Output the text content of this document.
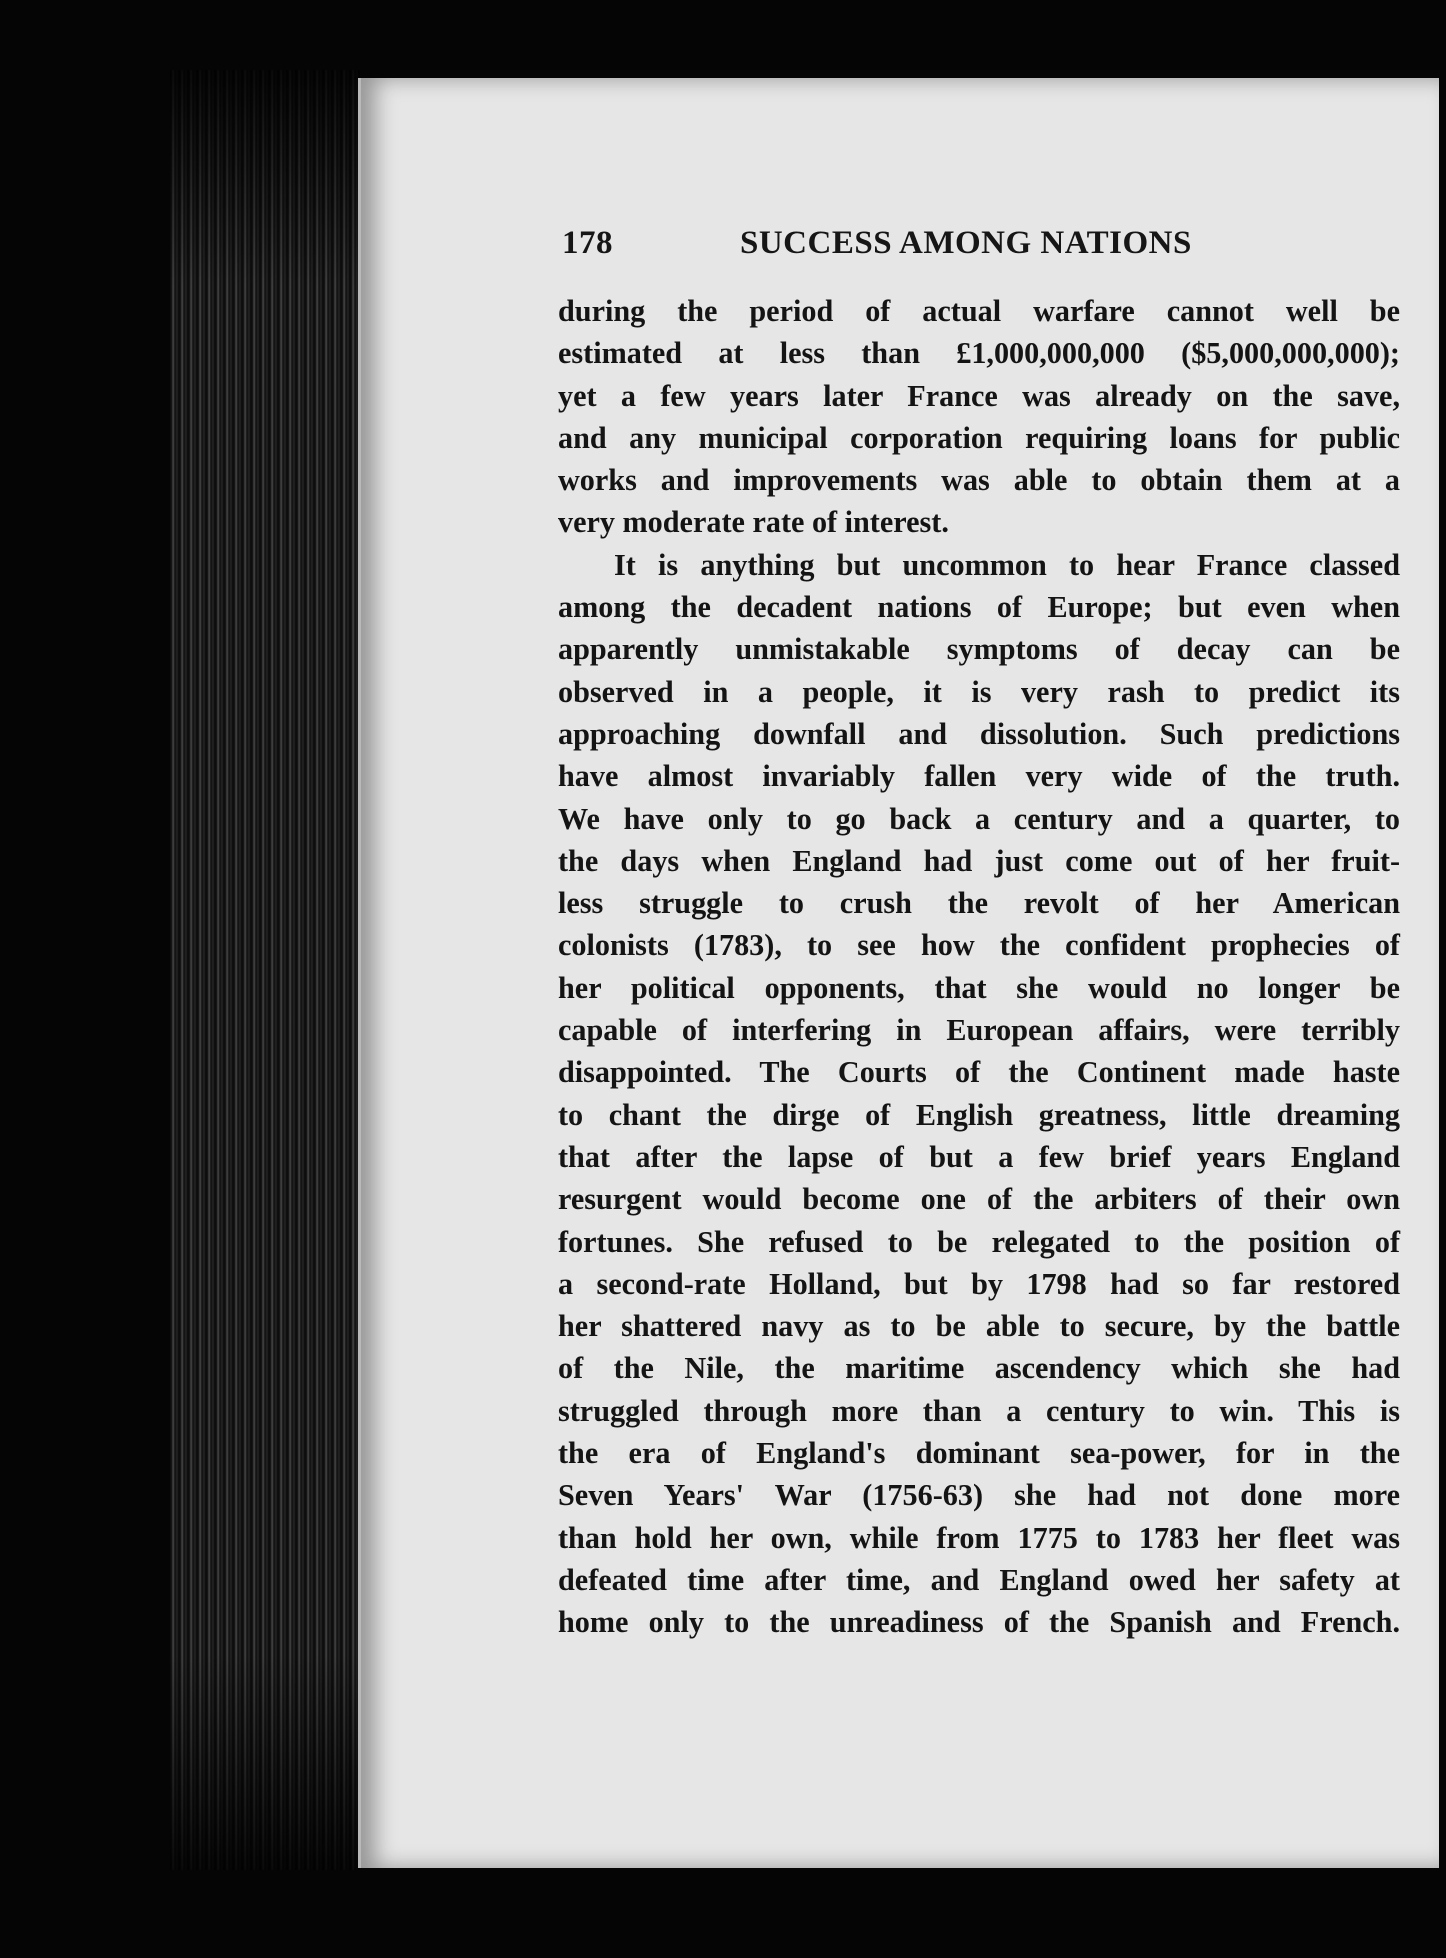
178	SUCCESS AMONG NATIONS
during the period of actual warfare cannot well be
estimated at less than £1,000,000,000 ($5,000,000,000);
yet a few years later France was already on the save,
and any municipal corporation requiring loans for public
works and improvements was able to obtain them at a
very moderate rate of interest.
It is anything but uncommon to hear France classed
among the decadent nations of Europe; but even when
apparently unmistakable symptoms of decay can be
observed in a people, it is very rash to predict its
approaching downfall and dissolution. Such predictions
have almost invariably fallen very wide of the truth.
We have only to go back a century and a quarter, to
the days when England had just come out of her fruit-
less struggle to crush the revolt of her American
colonists (1783), to see how the confident prophecies of
her political opponents, that she would no longer be
capable of interfering in European affairs, were terribly
disappointed. The Courts of the Continent made haste
to chant the dirge of English greatness, little dreaming
that after the lapse of but a few brief years England
resurgent would become one of the arbiters of their own
fortunes. She refused to be relegated to the position of
a second-rate Holland, but by 1798 had so far restored
her shattered navy as to be able to secure, by the battle
of the Nile, the maritime ascendency which she had
struggled through more than a century to win. This is
the era of England's dominant sea-power, for in the
Seven Years' War (1756-63) she had not done more
than hold her own, while from 1775 to 1783 her fleet was
defeated time after time, and England owed her safety at
home only to the unreadiness of the Spanish and French.
